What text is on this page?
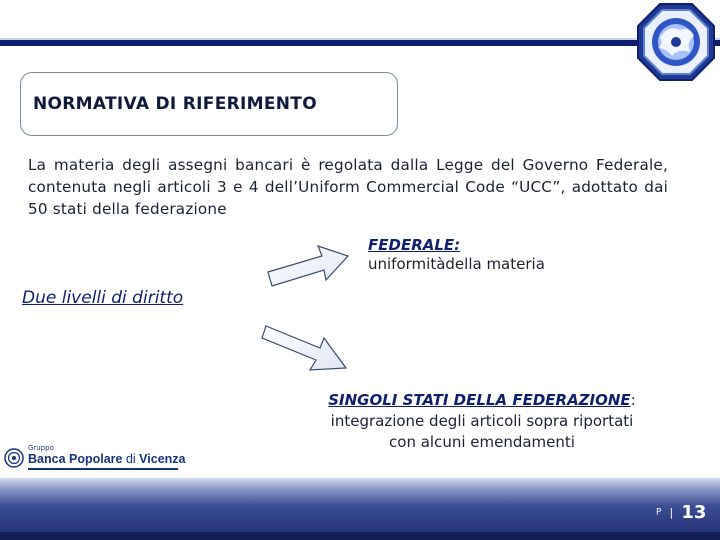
NORMATIVA DI RIFERIMENTO
La materia degli assegni bancari è regolata dalla Legge del Governo Federale, contenuta negli articoli 3 e 4 dell’Uniform Commercial Code “UCC”, adottato dai 50 stati della federazione
Due livelli di diritto
FEDERALE:
uniformitàdella materia
SINGOLI STATI DELLA FEDERAZIONE:
integrazione degli articoli sopra riportati
con alcuni emendamenti
Gruppo
Banca Popolare di Vicenza
P | 13
